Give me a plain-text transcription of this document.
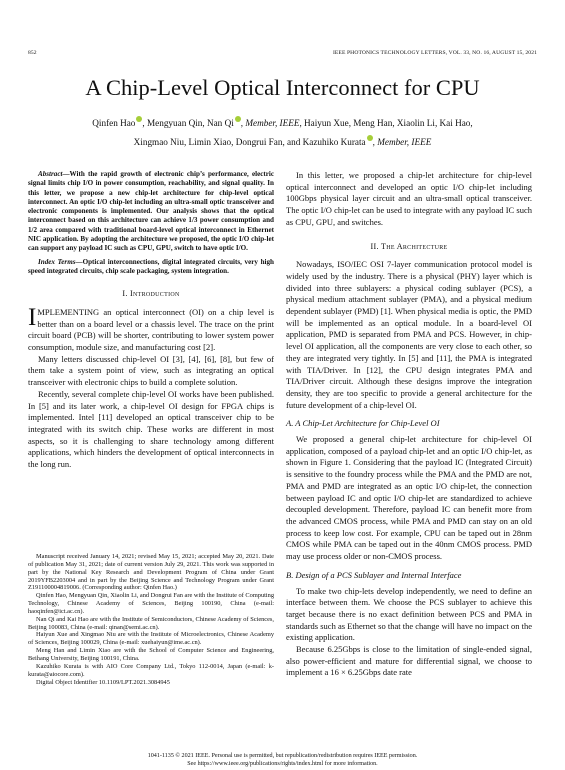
852	IEEE PHOTONICS TECHNOLOGY LETTERS, VOL. 33, NO. 16, AUGUST 15, 2021
A Chip-Level Optical Interconnect for CPU
Qinfen Hao , Mengyuan Qin, Nan Qi , Member, IEEE, Haiyun Xue, Meng Han, Xiaolin Li, Kai Hao,
Xingmao Niu, Limin Xiao, Dongrui Fan, and Kazuhiko Kurata , Member, IEEE

Abstract—With the rapid growth of electronic chip’s performance, electric signal limits chip I/O in power consumption, reachability, and signal quality. In this letter, we propose a new chip-let architecture for chip-level optical interconnect. An optic I/O chip-let including an ultra-small optic transceiver and electronic components is implemented. Our analysis shows that the optical interconnect based on this architecture can achieve 1/3 power consumption and 1/2 area compared with traditional board-level optical interconnect in Ethernet NIC application. By adopting the architecture we proposed, the optic I/O chip-let can support any payload IC such as CPU, GPU, switch to have optic I/O.

Index Terms—Optical interconnections, digital integrated circuits, very high speed integrated circuits, chip scale packaging, system integration.

I. Introduction

IMPLEMENTING an optical interconnect (OI) on a chip level is better than on a board level or a chassis level. The trace on the print circuit board (PCB) will be shorter, contributing to lower system power consumption, module size, and manufacturing cost [2].

Many letters discussed chip-level OI [3], [4], [6], [8], but few of them take a system point of view, such as integrating an optical transceiver with electronic chips to build a complete solution.

Recently, several complete chip-level OI works have been published. In [5] and its later work, a chip-level OI design for FPGA chips is implemented. Intel [11] developed an optical transceiver chip to be integrated with its switch chip. These works are different in most aspects, so it is challenging to share technology among different applications, which hinders the development of optical interconnects in the long run.

Manuscript received January 14, 2021; revised May 15, 2021; accepted May 20, 2021. Date of publication May 31, 2021; date of current version July 29, 2021. This work was supported in part by the National Key Research and Development Program of China under Grant 2019YFB2203004 and in part by the Beijing Science and Technology Program under Grant Z191100004819006. (Corresponding author: Qinfen Hao.)

Qinfen Hao, Mengyuan Qin, Xiaolin Li, and Dongrui Fan are with the Institute of Computing Technology, Chinese Academy of Sciences, Beijing 100190, China (e-mail: haoqinfen@ict.ac.cn).

Nan Qi and Kai Hao are with the Institute of Semiconductors, Chinese Academy of Sciences, Beijing 100083, China (e-mail: qinan@semi.ac.cn).

Haiyun Xue and Xingmao Niu are with the Institute of Microelectronics, Chinese Academy of Sciences, Beijing 100029, China (e-mail: xuehaiyun@ime.ac.cn).

Meng Han and Limin Xiao are with the School of Computer Science and Engineering, Beihang University, Beijing 100191, China.

Kazuhiko Kurata is with AIO Core Company Ltd., Tokyo 112-0014, Japan (e-mail: k-kurata@aiocore.com).

Digital Object Identifier 10.1109/LPT.2021.3084945

In this letter, we proposed a chip-let architecture for chip-level optical interconnect and developed an optic I/O chip-let including 100Gbps physical layer circuit and an ultra-small optical transceiver. The optic I/O chip-let can be used to integrate with any payload IC such as CPU, GPU, and switches.

II. The Architecture

Nowadays, ISO/IEC OSI 7-layer communication protocol model is widely used by the industry. There is a physical (PHY) layer which is divided into three sublayers: a physical coding sublayer (PCS), a physical medium attachment sublayer (PMA), and a physical medium dependent sublayer (PMD) [1]. When physical media is optic, the PMD will be implemented as an optical module. In a board-level OI application, PMD is separated from PMA and PCS. However, in chip-level OI application, all the components are very close to each other, so they are integrated very tightly. In [5] and [11], the PMA is integrated with TIA/Driver. In [12], the CPU design integrates PMA and TIA/Driver circuit. Although these designs improve the integration density, they are too specific to provide a general architecture for the future development of a chip-level OI.

A. A Chip-Let Architecture for Chip-Level OI

We proposed a general chip-let architecture for chip-level OI application, composed of a payload chip-let and an optic I/O chip-let, as shown in Figure 1. Considering that the payload IC (Integrated Circuit) is sensitive to the foundry process while the PMA and the PMD are not, PMA and PMD are integrated as an optic I/O chip-let, the connection between payload IC and optic I/O chip-let are standardized to achieve decoupled development. Therefore, payload IC can benefit more from the advanced CMOS process, while PMA and PMD can stay on an old process to keep low cost. For example, CPU can be taped out in 28nm CMOS while PMA can be taped out in the 40nm CMOS process. PMD may use process older or non-CMOS process.

B. Design of a PCS Sublayer and Internal Interface

To make two chip-lets develop independently, we need to define an interface between them. We choose the PCS sublayer to achieve this target because there is no exact definition between PCS and PMA in standards such as Ethernet so that the change will have no impact on the existing application.

Because 6.25Gbps is close to the limitation of single-ended signal, also power-efficient and mature for differential signal, we choose to implement a 16 × 6.25Gbps date rate

1041-1135 © 2021 IEEE. Personal use is permitted, but republication/redistribution requires IEEE permission.
See https://www.ieee.org/publications/rights/index.html for more information.
